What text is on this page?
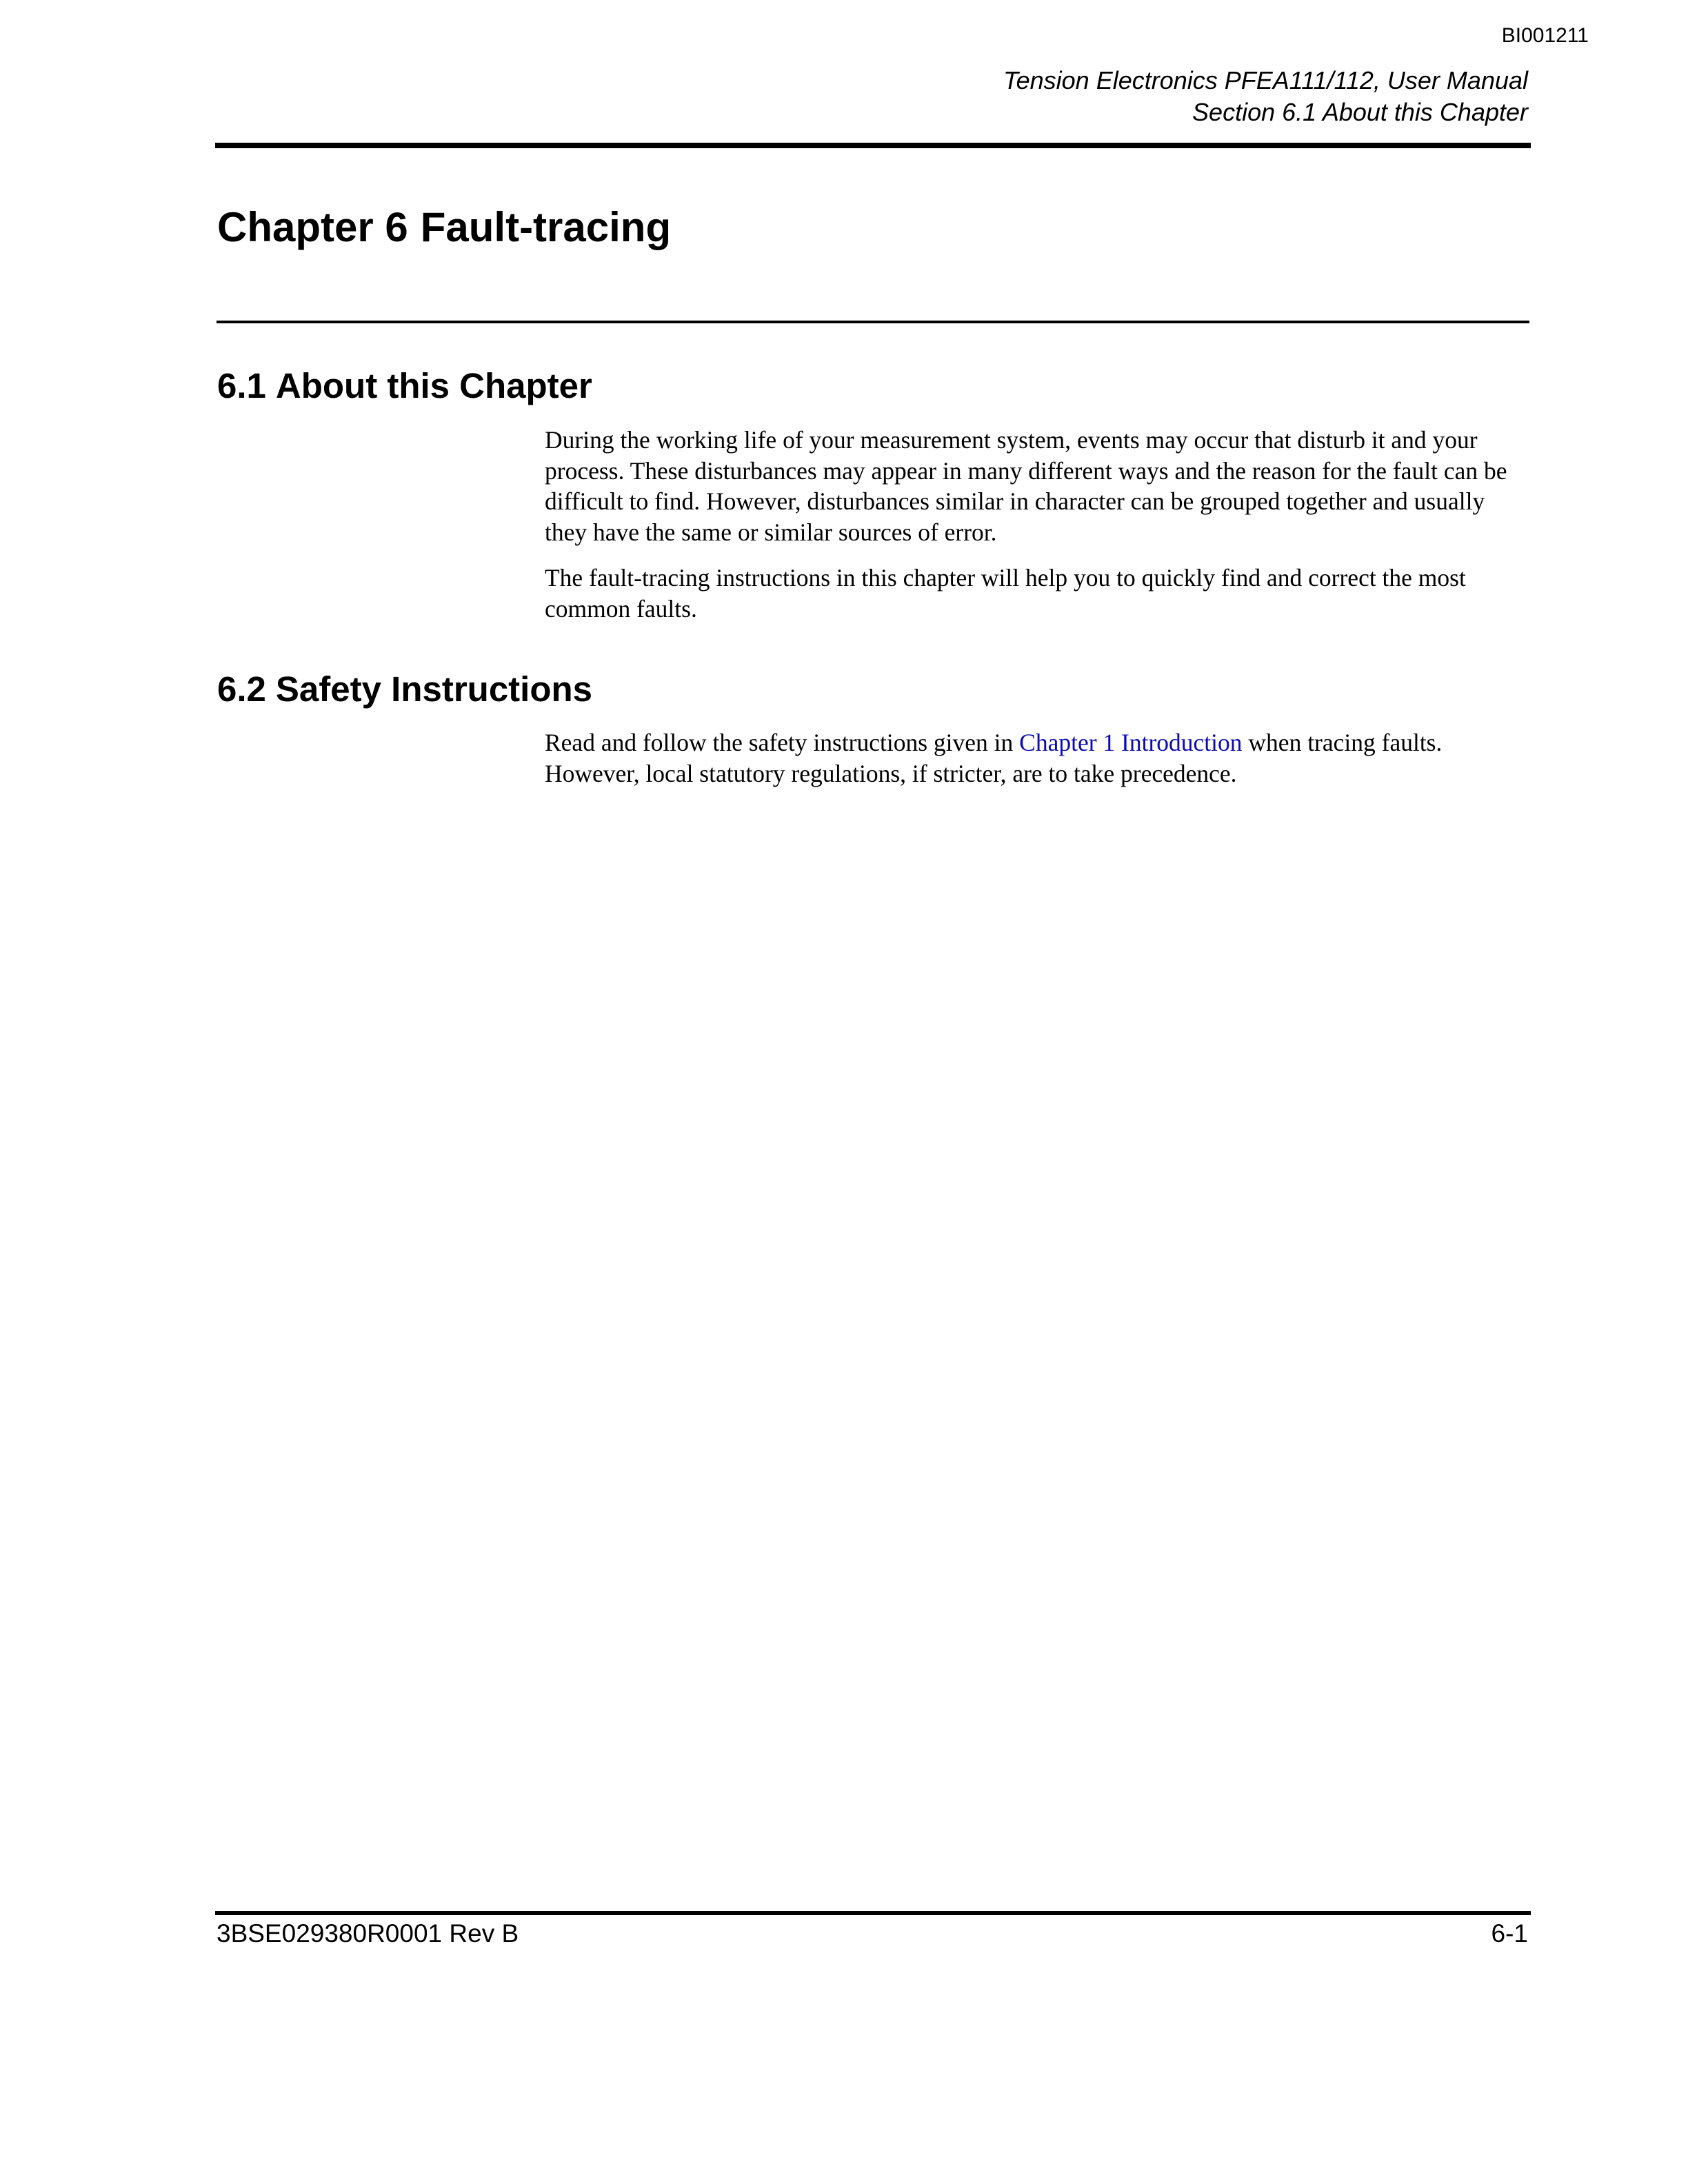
BI001211
Tension Electronics PFEA111/112, User Manual
Section 6.1 About this Chapter
Chapter 6 Fault-tracing
6.1 About this Chapter

During the working life of your measurement system, events may occur that disturb it and your process. These disturbances may appear in many different ways and the reason for the fault can be difficult to find. However, disturbances similar in character can be grouped together and usually they have the same or similar sources of error.

The fault-tracing instructions in this chapter will help you to quickly find and correct the most common faults.

6.2 Safety Instructions

Read and follow the safety instructions given in Chapter 1 Introduction when tracing faults. However, local statutory regulations, if stricter, are to take precedence.

3BSE029380R0001 Rev B	6-1
